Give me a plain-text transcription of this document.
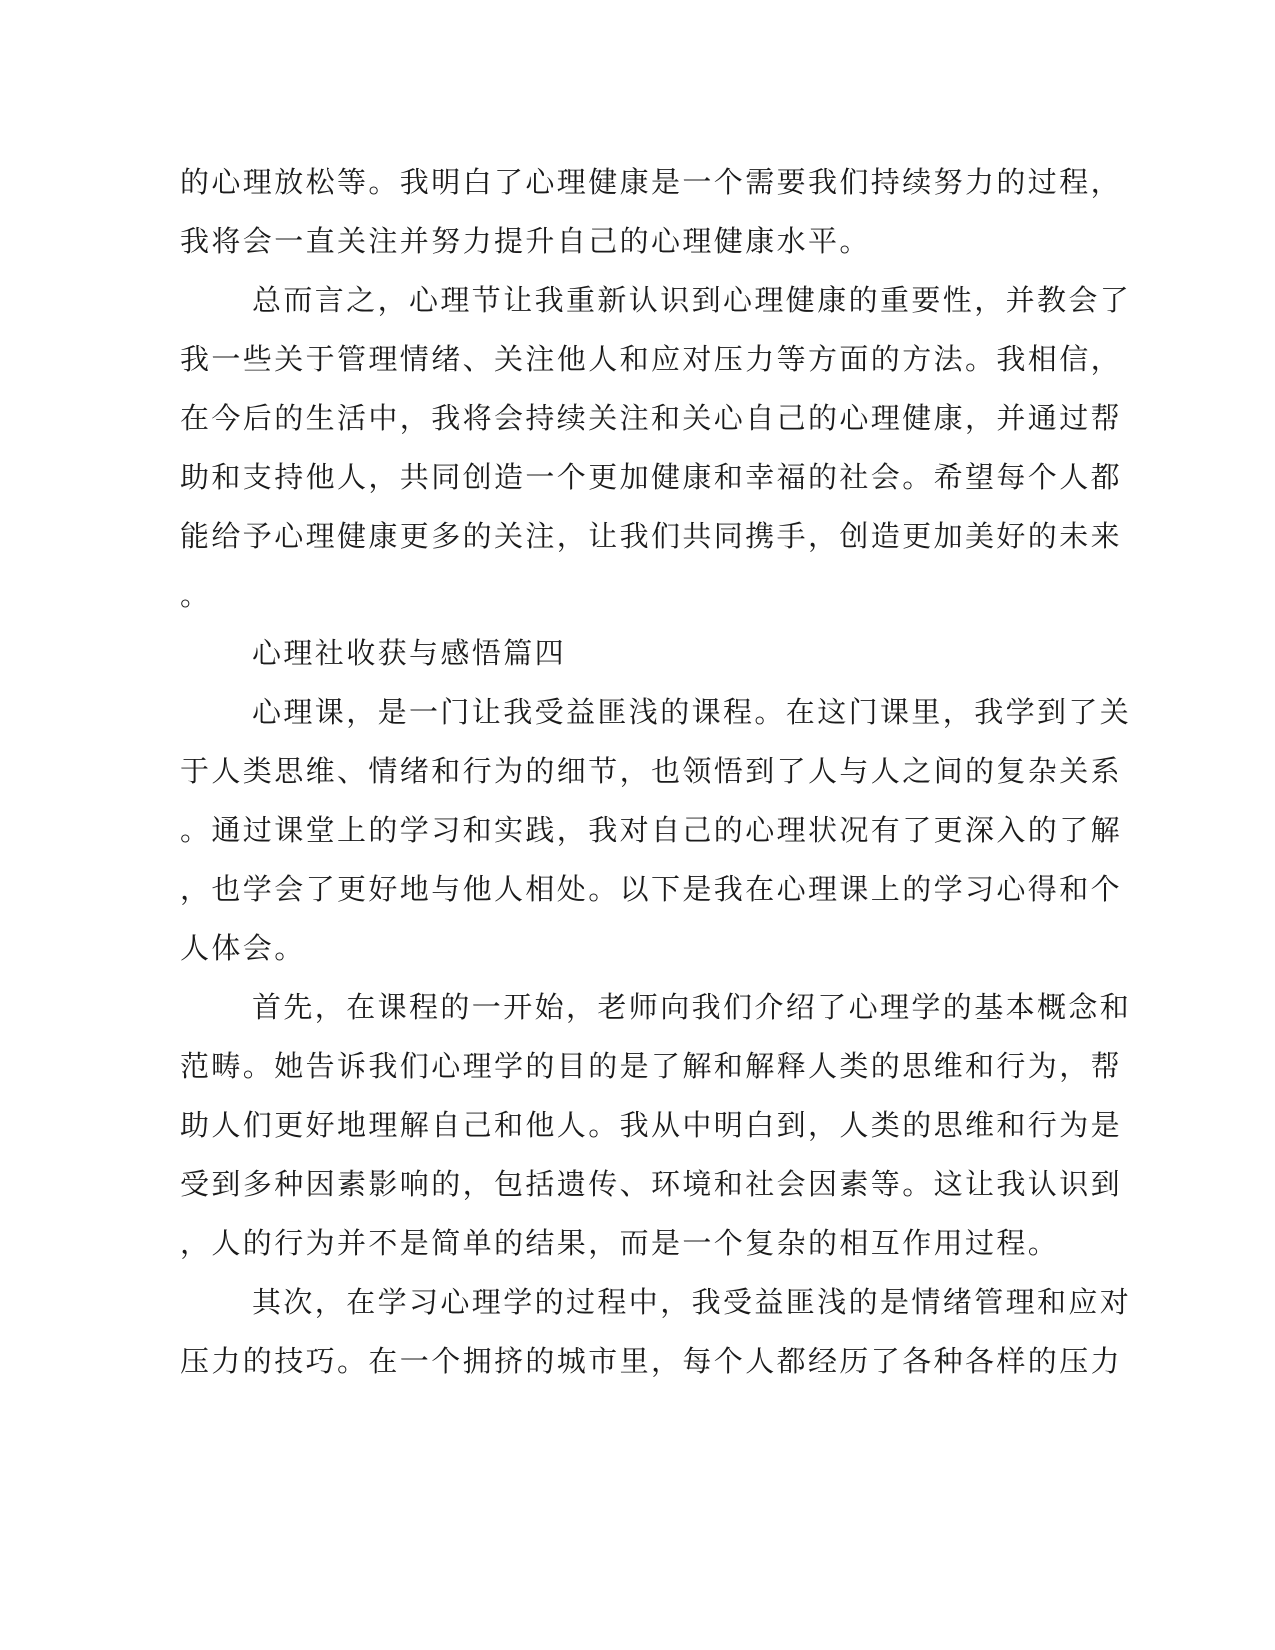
的心理放松等。我明白了心理健康是一个需要我们持续努力的过程，

我将会一直关注并努力提升自己的心理健康水平。

总而言之，心理节让我重新认识到心理健康的重要性，并教会了

我一些关于管理情绪、关注他人和应对压力等方面的方法。我相信，

在今后的生活中，我将会持续关注和关心自己的心理健康，并通过帮

助和支持他人，共同创造一个更加健康和幸福的社会。希望每个人都

能给予心理健康更多的关注，让我们共同携手，创造更加美好的未来

。

心理社收获与感悟篇四

心理课，是一门让我受益匪浅的课程。在这门课里，我学到了关

于人类思维、情绪和行为的细节，也领悟到了人与人之间的复杂关系

。通过课堂上的学习和实践，我对自己的心理状况有了更深入的了解

，也学会了更好地与他人相处。以下是我在心理课上的学习心得和个

人体会。

首先，在课程的一开始，老师向我们介绍了心理学的基本概念和

范畴。她告诉我们心理学的目的是了解和解释人类的思维和行为，帮

助人们更好地理解自己和他人。我从中明白到，人类的思维和行为是

受到多种因素影响的，包括遗传、环境和社会因素等。这让我认识到

，人的行为并不是简单的结果，而是一个复杂的相互作用过程。

其次，在学习心理学的过程中，我受益匪浅的是情绪管理和应对

压力的技巧。在一个拥挤的城市里，每个人都经历了各种各样的压力
